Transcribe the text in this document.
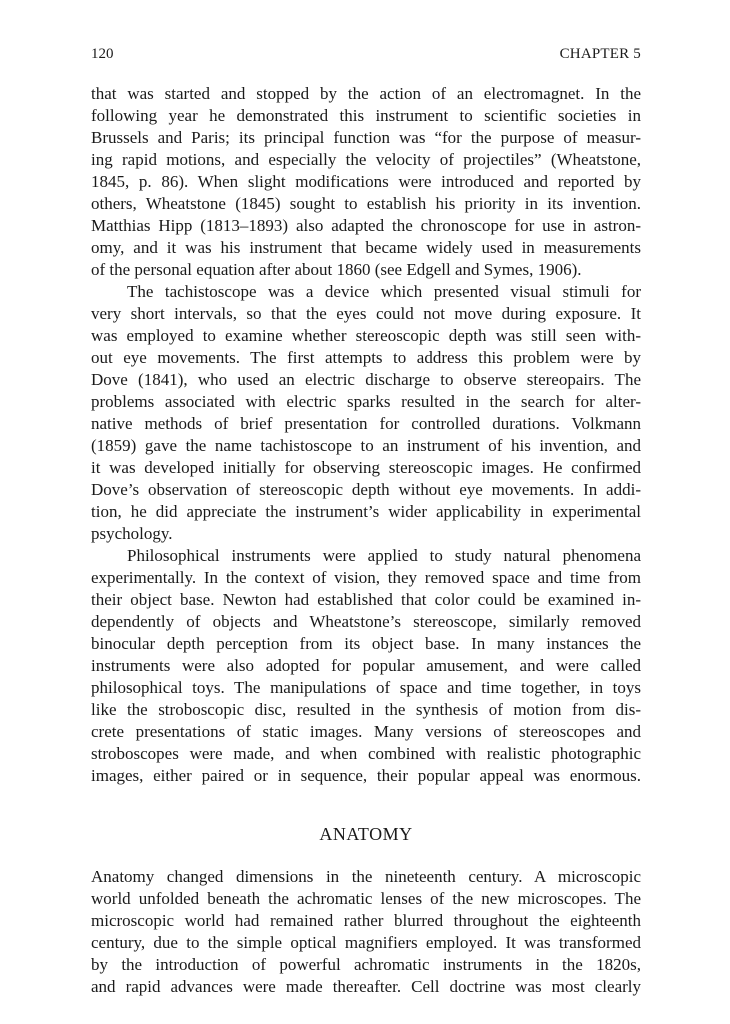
120	CHAPTER 5
that was started and stopped by the action of an electromagnet. In the
following year he demonstrated this instrument to scientific societies in
Brussels and Paris; its principal function was “for the purpose of measur-
ing rapid motions, and especially the velocity of projectiles” (Wheatstone,
1845, p. 86). When slight modifications were introduced and reported by
others, Wheatstone (1845) sought to establish his priority in its invention.
Matthias Hipp (1813–1893) also adapted the chronoscope for use in astron-
omy, and it was his instrument that became widely used in measurements
of the personal equation after about 1860 (see Edgell and Symes, 1906).
The tachistoscope was a device which presented visual stimuli for
very short intervals, so that the eyes could not move during exposure. It
was employed to examine whether stereoscopic depth was still seen with-
out eye movements. The first attempts to address this problem were by
Dove (1841), who used an electric discharge to observe stereopairs. The
problems associated with electric sparks resulted in the search for alter-
native methods of brief presentation for controlled durations. Volkmann
(1859) gave the name tachistoscope to an instrument of his invention, and
it was developed initially for observing stereoscopic images. He confirmed
Dove’s observation of stereoscopic depth without eye movements. In addi-
tion, he did appreciate the instrument’s wider applicability in experimental
psychology.
Philosophical instruments were applied to study natural phenomena
experimentally. In the context of vision, they removed space and time from
their object base. Newton had established that color could be examined in-
dependently of objects and Wheatstone’s stereoscope, similarly removed
binocular depth perception from its object base. In many instances the
instruments were also adopted for popular amusement, and were called
philosophical toys. The manipulations of space and time together, in toys
like the stroboscopic disc, resulted in the synthesis of motion from dis-
crete presentations of static images. Many versions of stereoscopes and
stroboscopes were made, and when combined with realistic photographic
images, either paired or in sequence, their popular appeal was enormous.
ANATOMY
Anatomy changed dimensions in the nineteenth century. A microscopic
world unfolded beneath the achromatic lenses of the new microscopes. The
microscopic world had remained rather blurred throughout the eighteenth
century, due to the simple optical magnifiers employed. It was transformed
by the introduction of powerful achromatic instruments in the 1820s,
and rapid advances were made thereafter. Cell doctrine was most clearly
